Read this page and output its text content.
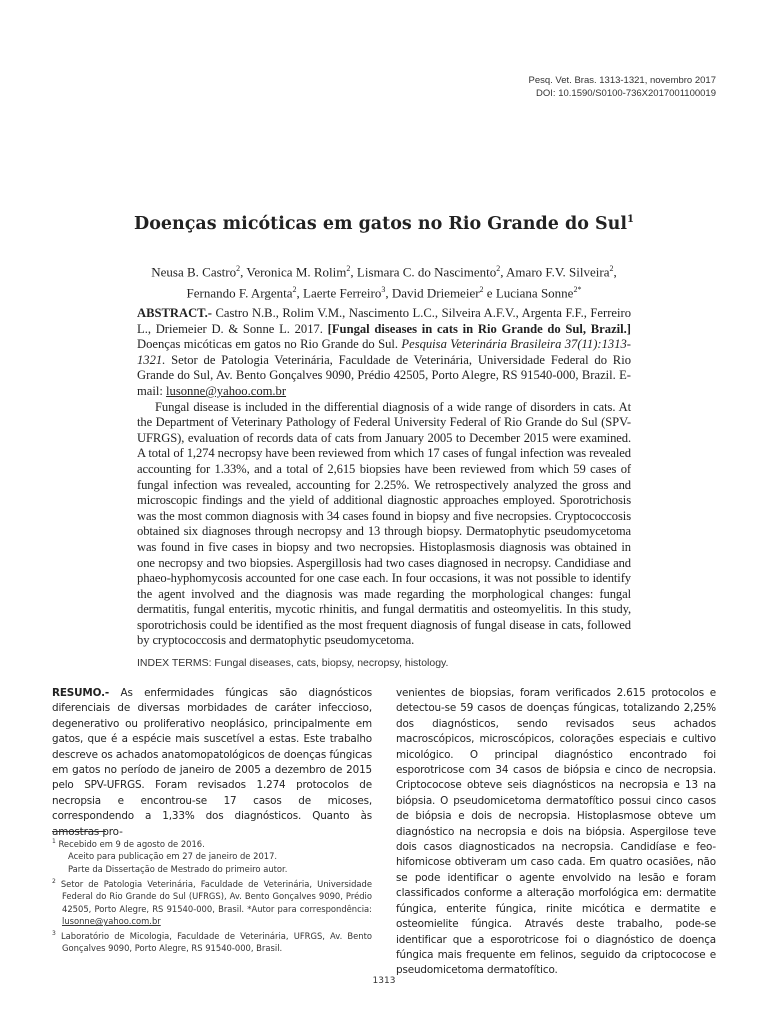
Pesq. Vet. Bras. 1313-1321, novembro 2017
DOI: 10.1590/S0100-736X2017001100019
Doenças micóticas em gatos no Rio Grande do Sul$^1$
Neusa B. Castro$^2$, Veronica M. Rolim$^2$, Lismara C. do Nascimento$^2$, Amaro F.V. Silveira$^2$,
Fernando F. Argenta$^2$, Laerte Ferreiro$^3$, David Driemeier$^2$ e Luciana Sonne$^{2*}$

ABSTRACT.- Castro N.B., Rolim V.M., Nascimento L.C., Silveira A.F.V., Argenta F.F., Ferreiro L., Driemeier D. & Sonne L. 2017. [Fungal diseases in cats in Rio Grande do Sul, Brazil.] Doenças micóticas em gatos no Rio Grande do Sul. Pesquisa Veterinária Brasileira 37(11):1313-1321. Setor de Patologia Veterinária, Faculdade de Veterinária, Universidade Federal do Rio Grande do Sul, Av. Bento Gonçalves 9090, Prédio 42505, Porto Alegre, RS 91540-000, Brazil. E-mail: lusonne@yahoo.com.br

Fungal disease is included in the differential diagnosis of a wide range of disorders in cats. At the Department of Veterinary Pathology of Federal University Federal of Rio Grande do Sul (SPV-UFRGS), evaluation of records data of cats from January 2005 to December 2015 were examined. A total of 1,274 necropsy have been reviewed from which 17 cases of fungal infection was revealed accounting for 1.33%, and a total of 2,615 biopsies have been reviewed from which 59 cases of fungal infection was revealed, accounting for 2.25%. We retrospectively analyzed the gross and microscopic findings and the yield of additional diagnostic approaches employed. Sporotrichosis was the most common diagnosis with 34 cases found in biopsy and five necropsies. Cryptococcosis obtained six diagnoses through necropsy and 13 through biopsy. Dermatophytic pseudomycetoma was found in five cases in biopsy and two necropsies. Histoplasmosis diagnosis was obtained in one necropsy and two biopsies. Aspergillosis had two cases diagnosed in necropsy. Candidiase and phaeo-hyphomycosis accounted for one case each. In four occasions, it was not possible to identify the agent involved and the diagnosis was made regarding the morphological changes: fungal dermatitis, fungal enteritis, mycotic rhinitis, and fungal dermatitis and osteomyelitis. In this study, sporotrichosis could be identified as the most frequent diagnosis of fungal disease in cats, followed by cryptococcosis and dermatophytic pseudomycetoma.

INDEX TERMS: Fungal diseases, cats, biopsy, necropsy, histology.

RESUMO.- As enfermidades fúngicas são diagnósticos diferenciais de diversas morbidades de caráter infeccioso, degenerativo ou proliferativo neoplásico, principalmente em gatos, que é a espécie mais suscetível a estas. Este trabalho descreve os achados anatomopatológicos de doenças fúngicas em gatos no período de janeiro de 2005 a dezembro de 2015 pelo SPV-UFRGS. Foram revisados 1.274 protocolos de necropsia e encontrou-se 17 casos de micoses, correspondendo a 1,33% dos diagnósticos. Quanto às amostras pro-

venientes de biopsias, foram verificados 2.615 protocolos e detectou-se 59 casos de doenças fúngicas, totalizando 2,25% dos diagnósticos, sendo revisados seus achados macroscópicos, microscópicos, colorações especiais e cultivo micológico. O principal diagnóstico encontrado foi esporotricose com 34 casos de biópsia e cinco de necropsia. Criptococose obteve seis diagnósticos na necropsia e 13 na biópsia. O pseudomicetoma dermatofítico possui cinco casos de biópsia e dois de necropsia. Histoplasmose obteve um diagnóstico na necropsia e dois na biópsia. Aspergilose teve dois casos diagnosticados na necropsia. Candidíase e feo-hifomicose obtiveram um caso cada. Em quatro ocasiões, não se pode identificar o agente envolvido na lesão e foram classificados conforme a alteração morfológica em: dermatite fúngica, enterite fúngica, rinite micótica e dermatite e osteomielite fúngica. Através deste trabalho, pode-se identificar que a esporotricose foi o diagnóstico de doença fúngica mais frequente em felinos, seguido da criptococose e pseudomicetoma dermatofítico.

$^1$ Recebido em 9 de agosto de 2016.

Aceito para publicação em 27 de janeiro de 2017.

Parte da Dissertação de Mestrado do primeiro autor.

$^2$ Setor de Patologia Veterinária, Faculdade de Veterinária, Universidade Federal do Rio Grande do Sul (UFRGS), Av. Bento Gonçalves 9090, Prédio 42505, Porto Alegre, RS 91540-000, Brasil. *Autor para correspondência: lusonne@yahoo.com.br

$^3$ Laboratório de Micologia, Faculdade de Veterinária, UFRGS, Av. Bento Gonçalves 9090, Porto Alegre, RS 91540-000, Brasil.

1313
